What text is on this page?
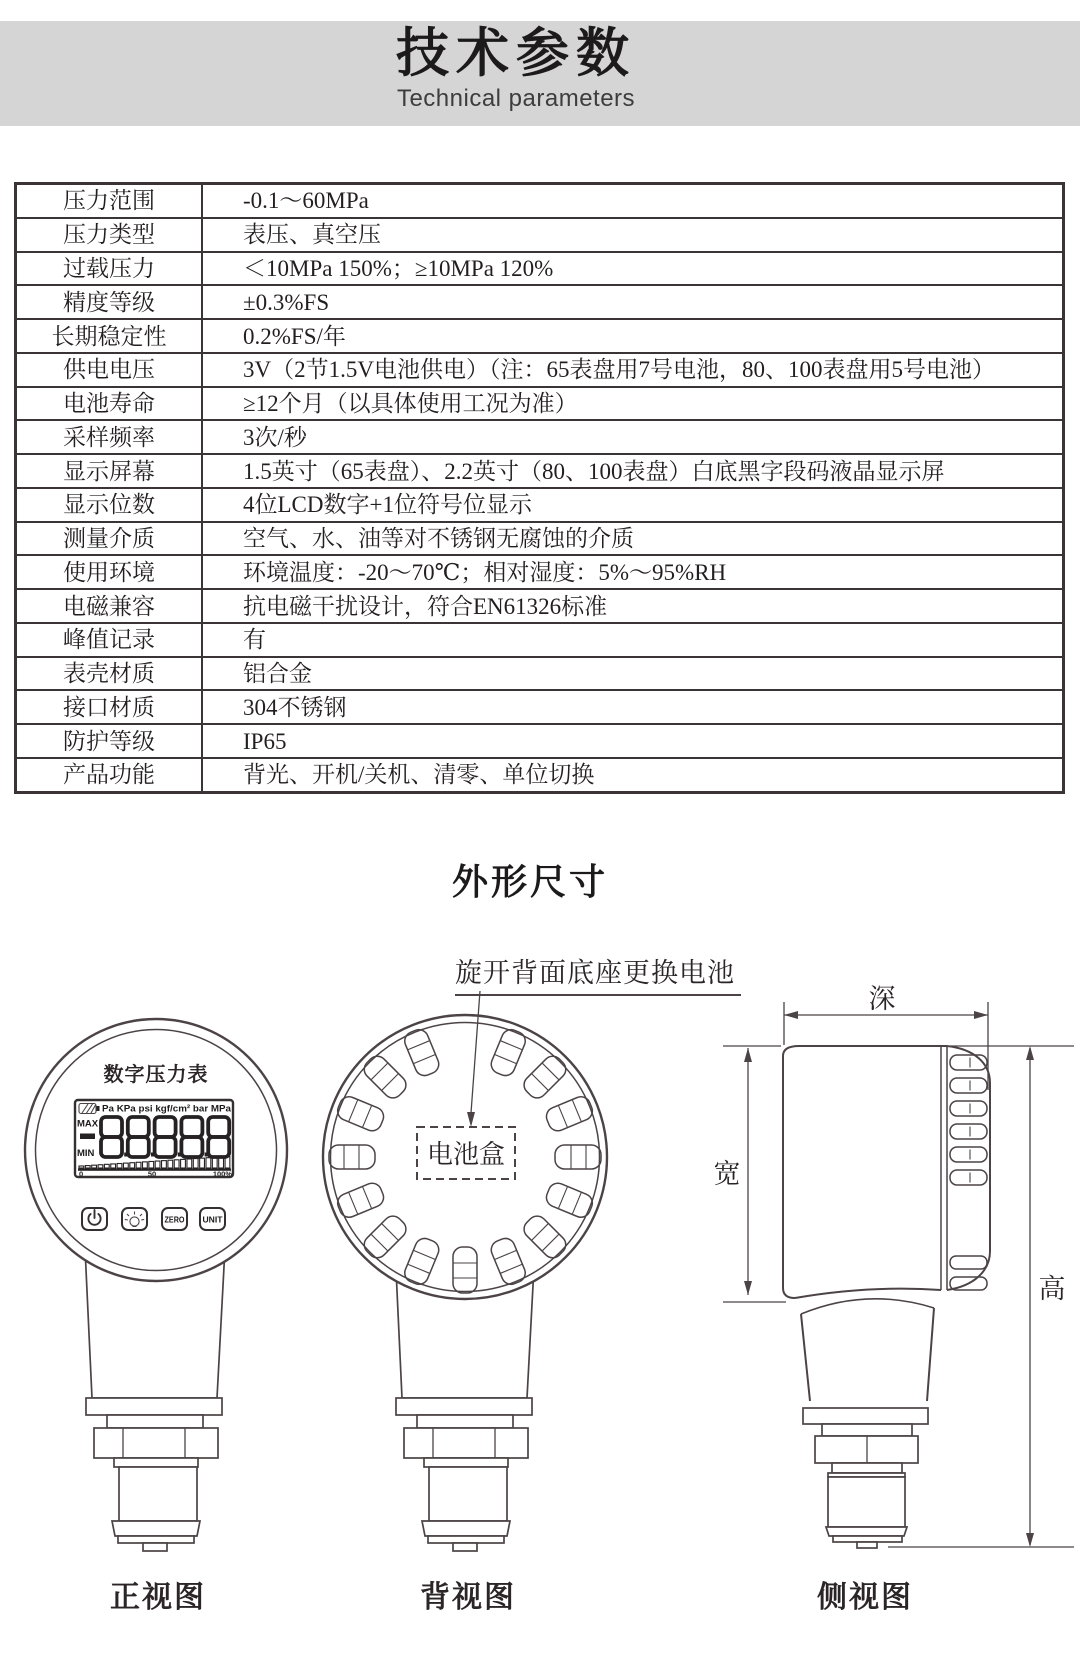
技术参数
Technical parameters
压力范围	-0.1～60MPa
压力类型	表压、真空压
过载压力	＜10MPa 150%；≥10MPa 120%
精度等级	±0.3%FS
长期稳定性	0.2%FS/年
供电电压	3V（2节1.5V电池供电）（注：65表盘用7号电池，80、100表盘用5号电池）
电池寿命	≥12个月（以具体使用工况为准）
采样频率	3次/秒
显示屏幕	1.5英寸（65表盘）、2.2英寸（80、100表盘）白底黑字段码液晶显示屏
显示位数	4位LCD数字+1位符号位显示
测量介质	空气、水、油等对不锈钢无腐蚀的介质
使用环境	环境温度：-20～70℃；相对湿度：5%～95%RH
电磁兼容	抗电磁干扰设计，符合EN61326标准
峰值记录	有
表壳材质	铝合金
接口材质	304不锈钢
防护等级	IP65
产品功能	背光、开机/关机、清零、单位切换
外形尺寸
旋开背面底座更换电池
数字压力表
Pa KPa psi kgf/cm² bar MPa
MAX
MIN
0	50	100%
ZERO UNIT
电池盒
深
宽
高
正视图	背视图	侧视图
